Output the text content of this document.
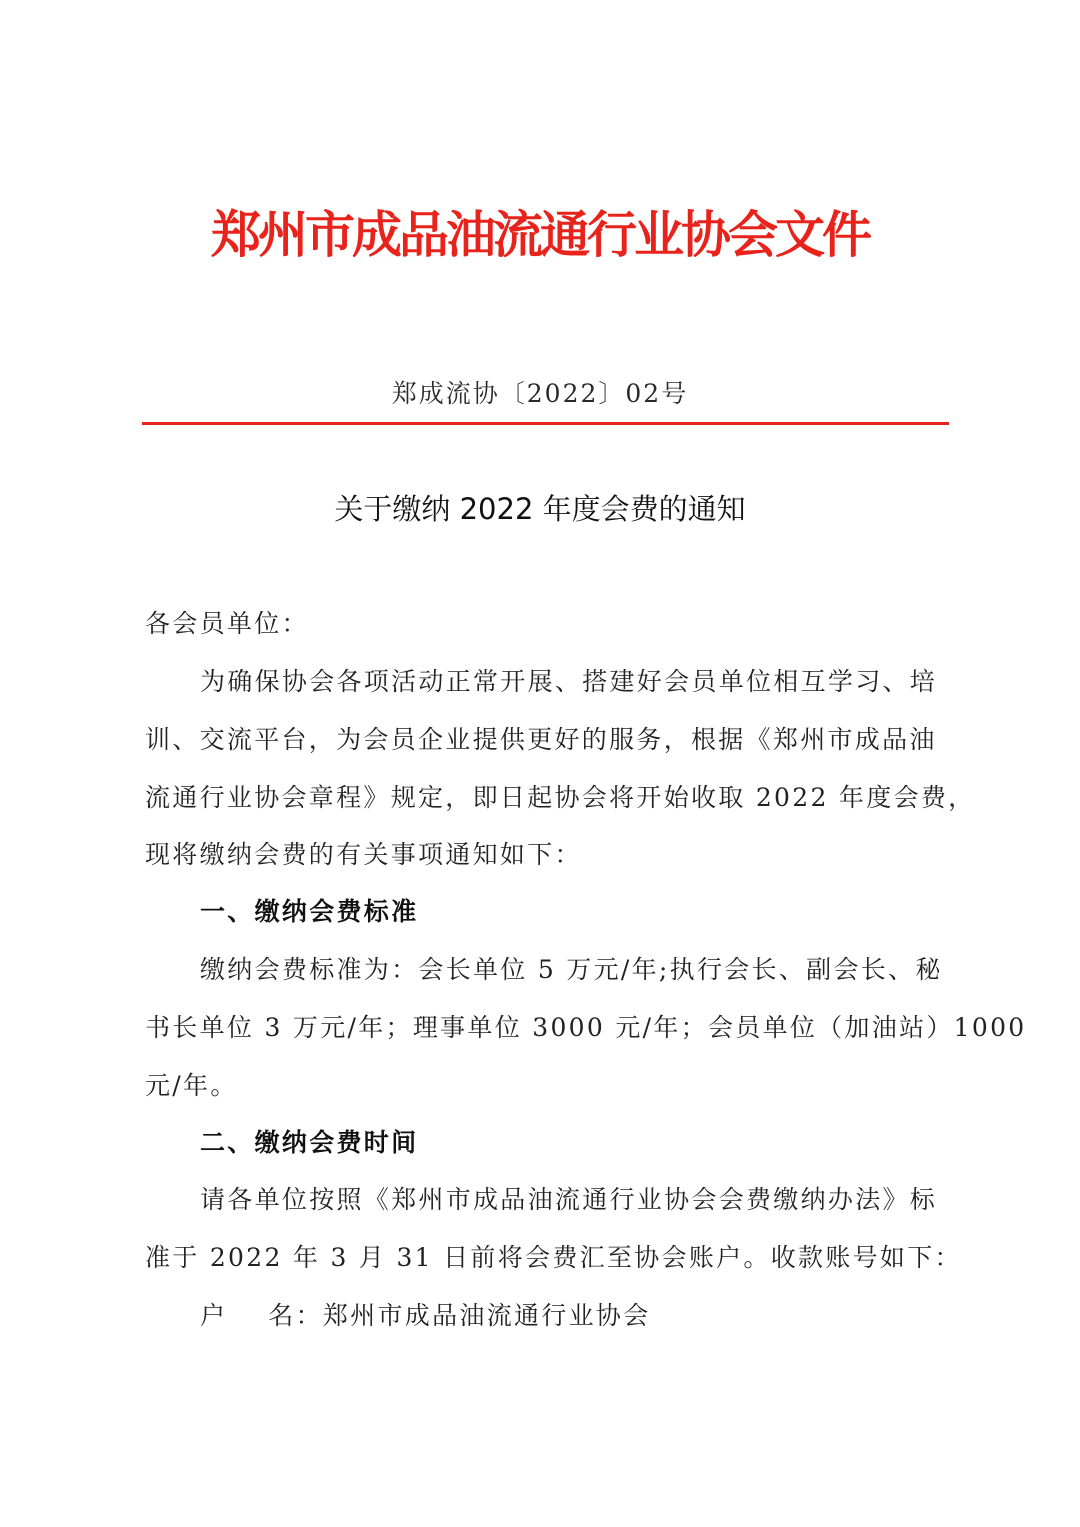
郑州市成品油流通行业协会文件
郑成流协〔2022〕02号
关于缴纳 2022 年度会费的通知
各会员单位：
为确保协会各项活动正常开展、搭建好会员单位相互学习、培
训、交流平台，为会员企业提供更好的服务，根据《郑州市成品油
流通行业协会章程》规定，即日起协会将开始收取 2022 年度会费，
现将缴纳会费的有关事项通知如下：
一、缴纳会费标准
缴纳会费标准为：会长单位 5 万元/年;执行会长、副会长、秘
书长单位 3 万元/年；理事单位 3000 元/年；会员单位（加油站）1000
元/年。
二、缴纳会费时间
请各单位按照《郑州市成品油流通行业协会会费缴纳办法》标
准于 2022 年 3 月 31 日前将会费汇至协会账户。收款账号如下：
户    名：郑州市成品油流通行业协会
